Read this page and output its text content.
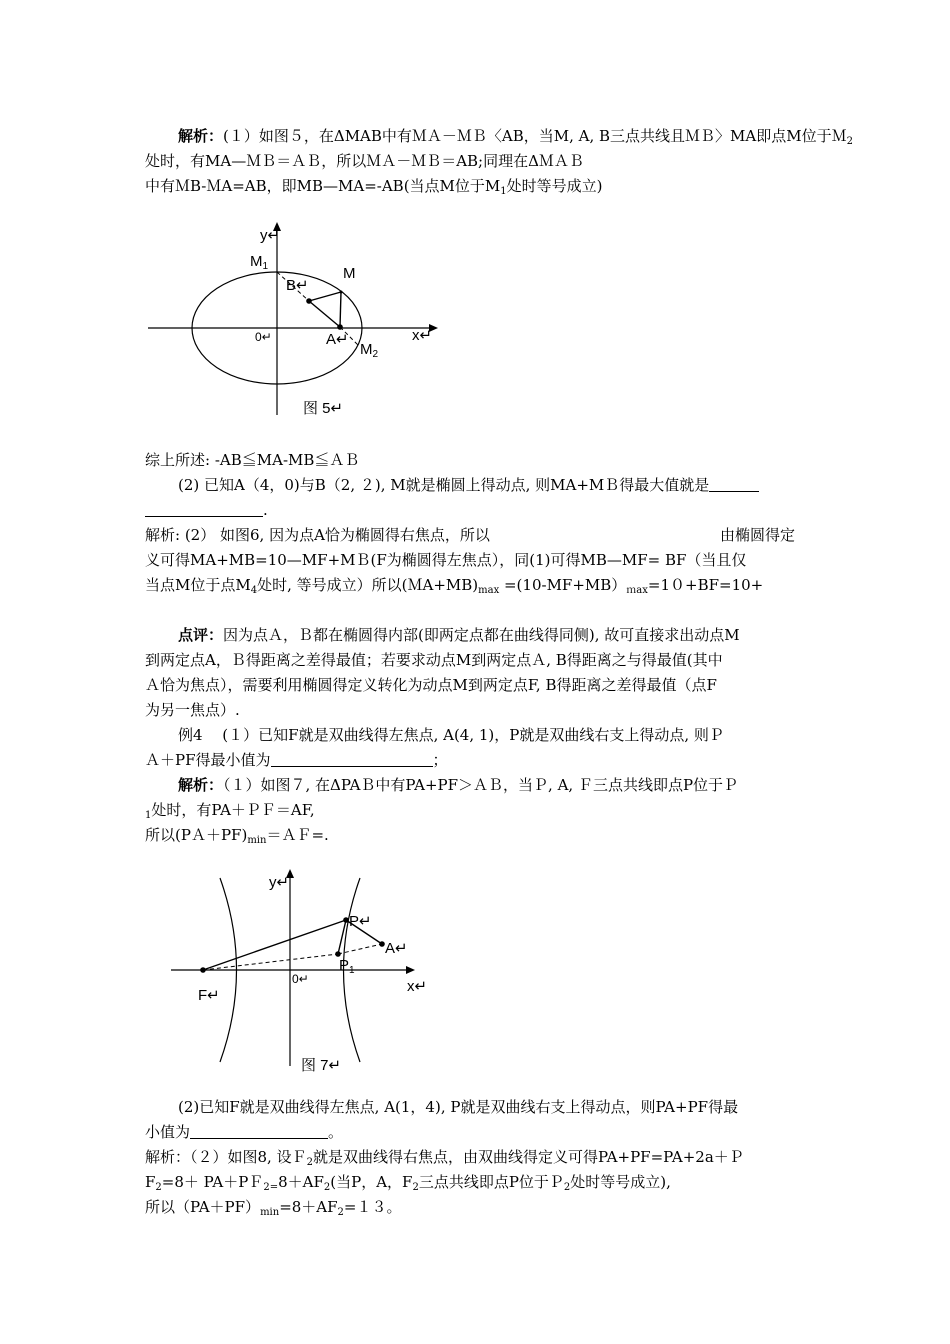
解析：(１）如图５，在ΔMAB中有ＭＡ－ＭＢ〈AB，当M, A, B三点共线且ＭＢ〉MA即点M位于Ｍ$_2$
处时，有MA—ＭＢ＝ＡＢ，所以ＭＡ－ＭＢ＝AB;同理在ΔＭＡＢ
中有ＭB-ＭA=AB，即MB—MA=-AB(当点M位于$M_1$处时等号成立)
y↵
x↵
0↵
$M_1$	M
B↵
A↵
$M_2$
图 5↵
综上所述: -AB≦MA-MB≦ＡＢ
(2) 已知A（4，0)与B（2, ２), M就是椭圆上得动点, 则MA+MＢ得最大值就是
.
解析: (2） 如图6, 因为点A恰为椭圆得右焦点，所以	由椭圆得定
义可得MA+MB=10—MF+MＢ(F为椭圆得左焦点），同(1)可得MB—MF= BF（当且仅
当点M位于点$M_4$处时, 等号成立）所以$(MA+MB)_{max} =(10-MF+MB)_{max}=10+BF=10+$
点评：因为点Ａ，Ｂ都在椭圆得内部(即两定点都在曲线得同侧), 故可直接求出动点M
到两定点A，Ｂ得距离之差得最值；若要求动点M到两定点Ａ, B得距离之与得最值(其中
Ａ恰为焦点），需要利用椭圆得定义转化为动点M到两定点F, B得距离之差得最值（点F
为另一焦点）.
例4　 (１）已知F就是双曲线得左焦点, A(4, 1)，P就是双曲线右支上得动点, 则Ｐ
Ａ＋PF得最小值为	；
解析：（１）如图７, 在ΔPAＢ中有PA+PF＞ＡＢ，当Ｐ, A, Ｆ三点共线即点P位于Ｐ
$_1$处时，有PA＋ＰＦ＝AF,
所以$(PA+PF)_{min}=AF=$.
y↵
x↵
0↵
F↵
P↵
A↵
$P_1$
图 7↵
(2)已知F就是双曲线得左焦点, A(1，4), P就是双曲线右支上得动点，则PA+PF得最
小值为	。
解析：（２）如图8, 设Ｆ$_2$就是双曲线得右焦点，由双曲线得定义可得PA+PF=PA+2a＋Ｐ
$F_2=8+$ $PA+PF_{2=}8+AF_2$(当P，A，$F_2$三点共线即点P位于Ｐ$_2$处时等号成立),
所以$(PA+PF)_{min}=8+AF_2=13$。
